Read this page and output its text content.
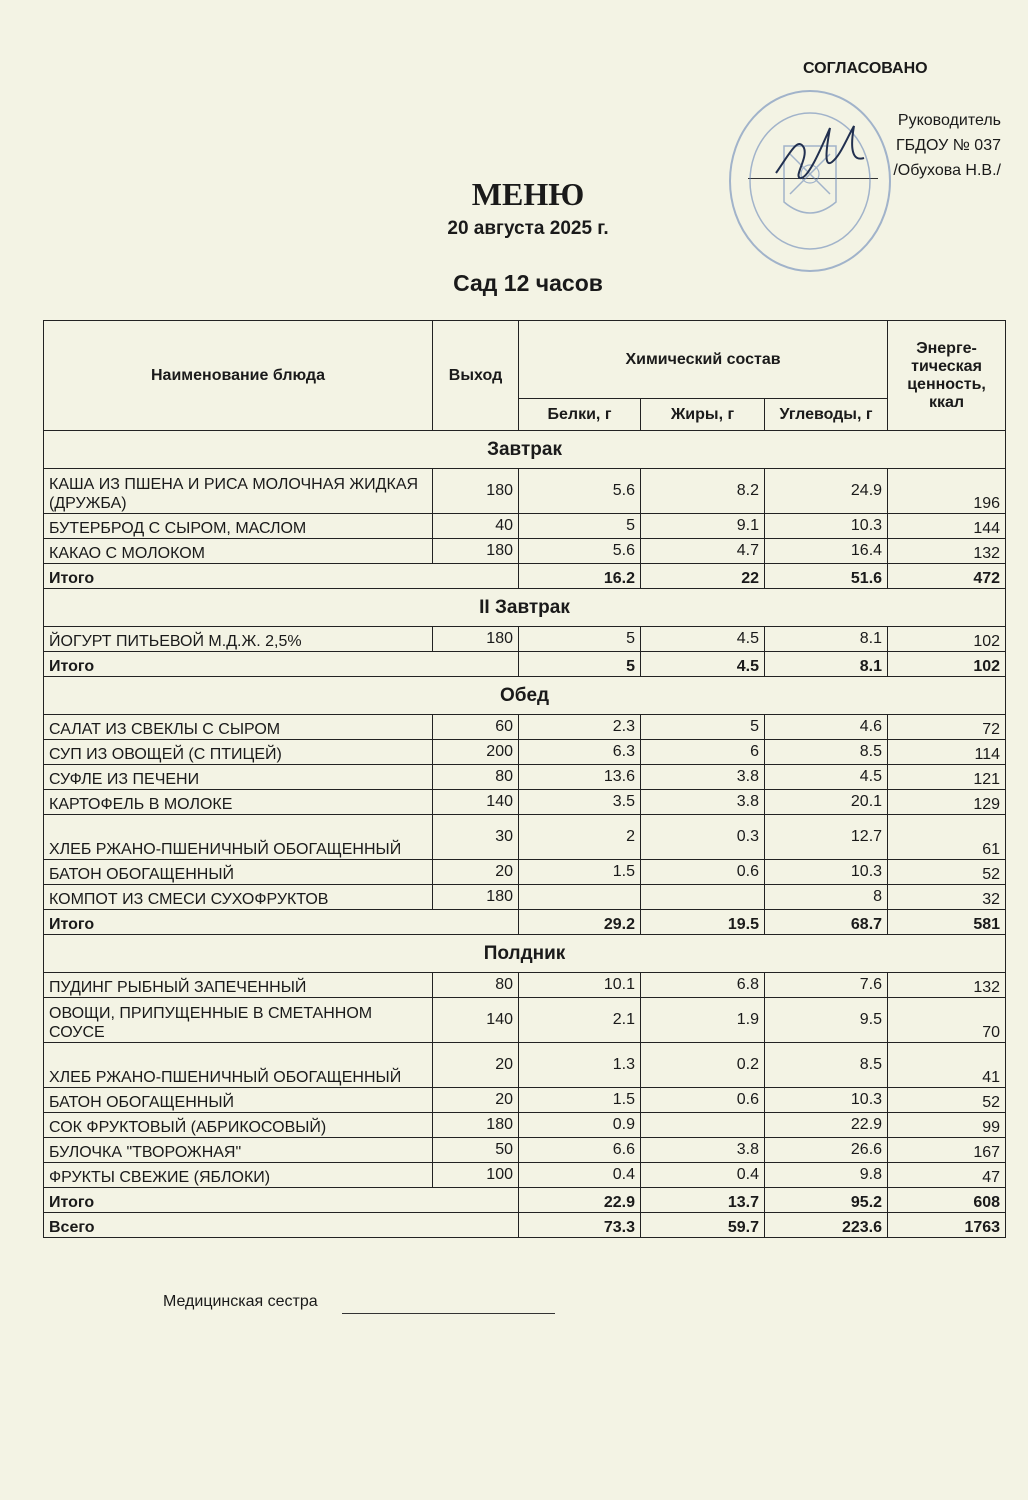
СОГЛАСОВАНО
Руководитель
ГБДОУ № 037
/Обухова Н.В./
МЕНЮ
20 августа 2025 г.
Сад 12 часов
Наименование блюда	Выход	Химический состав			Энерге-тическая ценность, ккал
		Белки, г	Жиры, г	Углеводы, г	
Завтрак					
КАША ИЗ ПШЕНА И РИСА МОЛОЧНАЯ ЖИДКАЯ (ДРУЖБА)	180	5.6	8.2	24.9	196
БУТЕРБРОД С СЫРОМ, МАСЛОМ	40	5	9.1	10.3	144
КАКАО С МОЛОКОМ	180	5.6	4.7	16.4	132
Итого		16.2	22	51.6	472
II Завтрак					
ЙОГУРТ ПИТЬЕВОЙ М.Д.Ж. 2,5%	180	5	4.5	8.1	102
Итого		5	4.5	8.1	102
Обед					
САЛАТ ИЗ СВЕКЛЫ С СЫРОМ	60	2.3	5	4.6	72
СУП ИЗ ОВОЩЕЙ (С ПТИЦЕЙ)	200	6.3	6	8.5	114
СУФЛЕ ИЗ ПЕЧЕНИ	80	13.6	3.8	4.5	121
КАРТОФЕЛЬ В МОЛОКЕ	140	3.5	3.8	20.1	129
ХЛЕБ РЖАНО-ПШЕНИЧНЫЙ ОБОГАЩЕННЫЙ	30	2	0.3	12.7	61
БАТОН ОБОГАЩЕННЫЙ	20	1.5	0.6	10.3	52
КОМПОТ ИЗ СМЕСИ СУХОФРУКТОВ	180			8	32
Итого		29.2	19.5	68.7	581
Полдник					
ПУДИНГ РЫБНЫЙ ЗАПЕЧЕННЫЙ	80	10.1	6.8	7.6	132
ОВОЩИ, ПРИПУЩЕННЫЕ В СМЕТАННОМ СОУСЕ	140	2.1	1.9	9.5	70
ХЛЕБ РЖАНО-ПШЕНИЧНЫЙ ОБОГАЩЕННЫЙ	20	1.3	0.2	8.5	41
БАТОН ОБОГАЩЕННЫЙ	20	1.5	0.6	10.3	52
СОК ФРУКТОВЫЙ (АБРИКОСОВЫЙ)	180	0.9		22.9	99
БУЛОЧКА "ТВОРОЖНАЯ"	50	6.6	3.8	26.6	167
ФРУКТЫ СВЕЖИЕ (ЯБЛОКИ)	100	0.4	0.4	9.8	47
Итого		22.9	13.7	95.2	608
Всего		73.3	59.7	223.6	1763
Медицинская сестра
